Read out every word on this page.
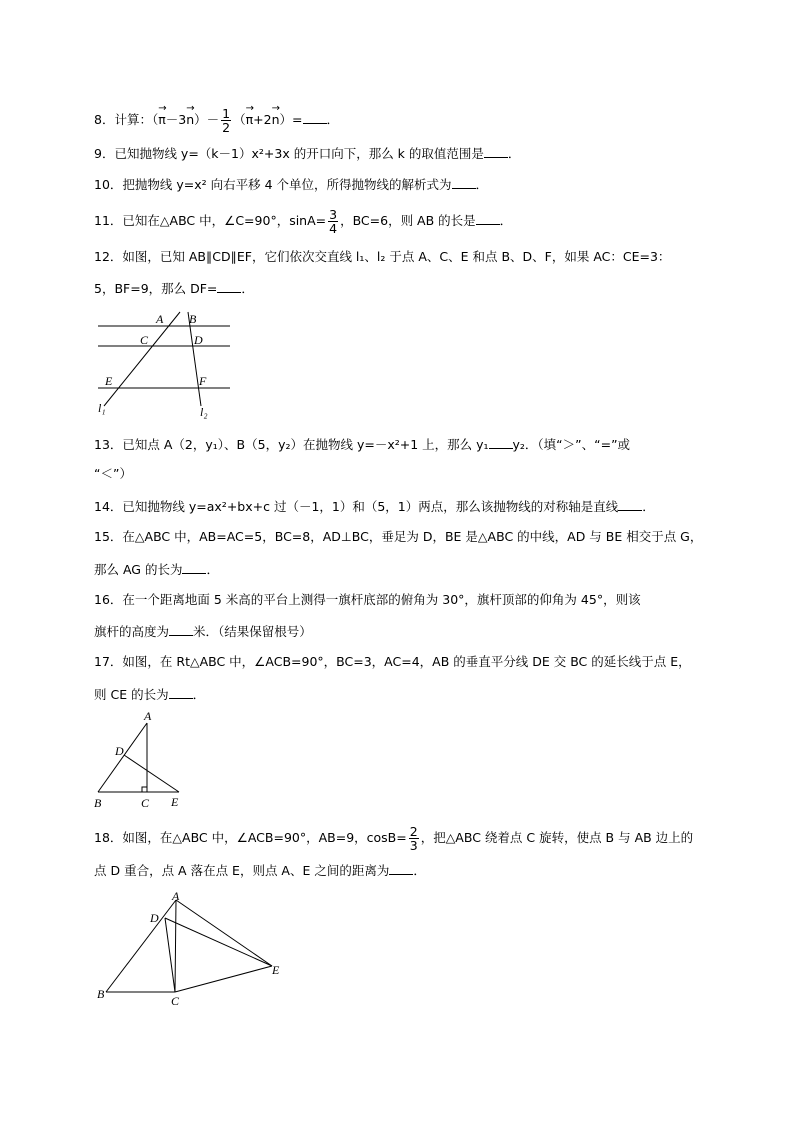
8．计算：（→ $\pi-3\to n)- \frac{1}{2}$ （→ π+2→ n）= ．
9．已知抛物线 y=（k－1）x²+3x 的开口向下，那么 k 的取值范围是 ．
10．把抛物线 y=x² 向右平移 4 个单位，所得抛物线的解析式为 ．
11．已知在△ABC 中，∠C=90°，$\sin A= \frac{3}{4}$ ，BC=6，则 AB 的长是 ．
12．如图，已知 AB∥CD∥EF，它们依次交直线 l₁、l₂ 于点 A、C、E 和点 B、D、F，如果 AC：CE=3：
5，BF=9，那么 DF= ．
A B
C	D
E	F
l₁	l₂
13．已知点 A（2，y₁）、B（5，y₂）在抛物线 y=－x²+1 上，那么 y₁ y₂．（填“＞”、“=”或
“＜”）
14．已知抛物线 y=ax²+bx+c 过（－1，1）和（5，1）两点，那么该抛物线的对称轴是直线 ．
15．在△ABC 中，AB=AC=5，BC=8，AD⊥BC，垂足为 D，BE 是△ABC 的中线，AD 与 BE 相交于点 G，
那么 AG 的长为 ．
16．在一个距离地面 5 米高的平台上测得一旗杆底部的俯角为 30°，旗杆顶部的仰角为 45°，则该
旗杆的高度为 米．（结果保留根号）
17．如图，在 Rt△ABC 中，∠ACB=90°，BC=3，AC=4，AB 的垂直平分线 DE 交 BC 的延长线于点 E，
则 CE 的长为 ．
A
D
B	C E
18．如图，在△ABC 中，∠ACB=90°，AB=9，$\cos B= \frac{2}{3}$ ，把△ABC 绕着点 C 旋转，使点 B 与 AB 边上的
点 D 重合，点 A 落在点 E，则点 A、E 之间的距离为 ．
A
D
E
B	C
